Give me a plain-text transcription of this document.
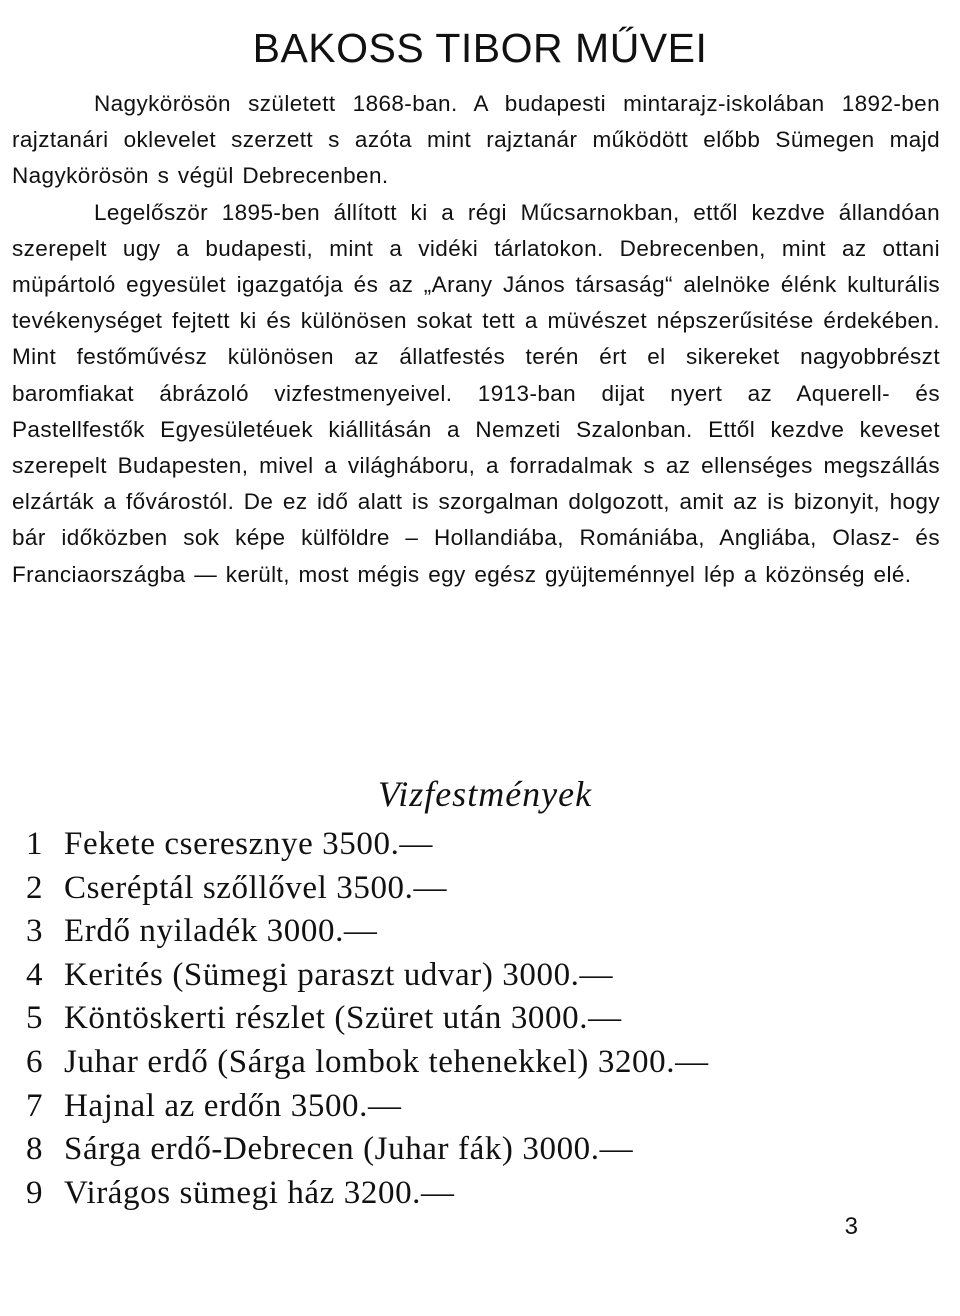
BAKOSS TIBOR MŰVEI

Nagykörösön született 1868-ban. A budapesti mintarajz-iskolában 1892-ben rajztanári oklevelet szerzett s azóta mint rajztanár működött előbb Sümegen majd Nagykörösön s végül Debrecenben.

Legelőször 1895-ben állított ki a régi Műcsarnokban, ettől kezdve állandóan szerepelt ugy a budapesti, mint a vidéki tárlatokon. Debrecenben, mint az ottani müpártoló egyesület igazgatója és az „Arany János társaság“ alelnöke élénk kulturális tevékenységet fejtett ki és különösen sokat tett a müvészet népszerűsitése érdekében. Mint festőművész különösen az állatfestés terén ért el sikereket nagyobbrészt baromfiakat ábrázoló vizfestmenyeivel. 1913-ban dijat nyert az Aquerell- és Pastellfestők Egyesületéuek kiállitásán a Nemzeti Szalonban. Ettől kezdve keveset szerepelt Budapesten, mivel a világháboru, a forradalmak s az ellenséges megszállás elzárták a fővárostól. De ez idő alatt is szorgalman dolgozott, amit az is bizonyit, hogy bár időközben sok képe külföldre – Hollandiába, Romániába, Angliába, Olasz- és Franciaországba — került, most mégis egy egész gyüjteménnyel lép a közönség elé.

Vizfestmények
1 Fekete cseresznye 3500.—
2 Cseréptál szőllővel 3500.—
3 Erdő nyiladék 3000.—
4 Kerités (Sümegi paraszt udvar) 3000.—
5 Köntöskerti részlet (Szüret után 3000.—
6 Juhar erdő (Sárga lombok tehenekkel) 3200.—
7 Hajnal az erdőn 3500.—
8 Sárga erdő-Debrecen (Juhar fák) 3000.—
9 Virágos sümegi ház 3200.—
3
